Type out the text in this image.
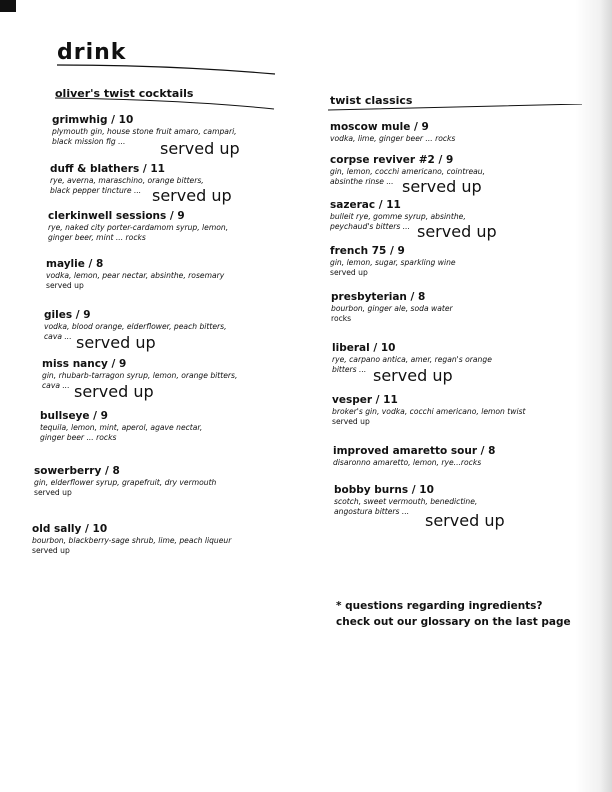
drink
oliver's twist cocktails
twist classics
grimwhig / 10
plymouth gin, house stone fruit amaro, campari,
black mission fig ...	served up
duff & blathers / 11
rye, averna, maraschino, orange bitters,
black pepper tincture ... served up
clerkinwell sessions / 9
rye, naked city porter-cardamom syrup, lemon,
ginger beer, mint ... rocks
maylie / 8
vodka, lemon, pear nectar, absinthe, rosemary
served up
giles / 9
vodka, blood orange, elderflower, peach bitters,
cava ... served up
miss nancy / 9
gin, rhubarb-tarragon syrup, lemon, orange bitters,
cava ... served up
bullseye / 9
tequila, lemon, mint, aperol, agave nectar,
ginger beer ... rocks
sowerberry / 8
gin, elderflower syrup, grapefruit, dry vermouth
served up
old sally / 10
bourbon, blackberry-sage shrub, lime, peach liqueur
served up
moscow mule / 9
vodka, lime, ginger beer ... rocks
corpse reviver #2 / 9
gin, lemon, cocchi americano, cointreau,
absinthe rinse ... served up
sazerac / 11
bulleit rye, gomme syrup, absinthe,
peychaud's bitters ... served up
french 75 / 9
gin, lemon, sugar, sparkling wine
served up
presbyterian / 8
bourbon, ginger ale, soda water
rocks
liberal / 10
rye, carpano antica, amer, regan's orange
bitters ... served up
vesper / 11
broker's gin, vodka, cocchi americano, lemon twist
served up
improved amaretto sour / 8
disaronno amaretto, lemon, rye...rocks
bobby burns / 10
scotch, sweet vermouth, benedictine,
angostura bitters ... served up

* questions regarding ingredients?
check out our glossary on the last page
